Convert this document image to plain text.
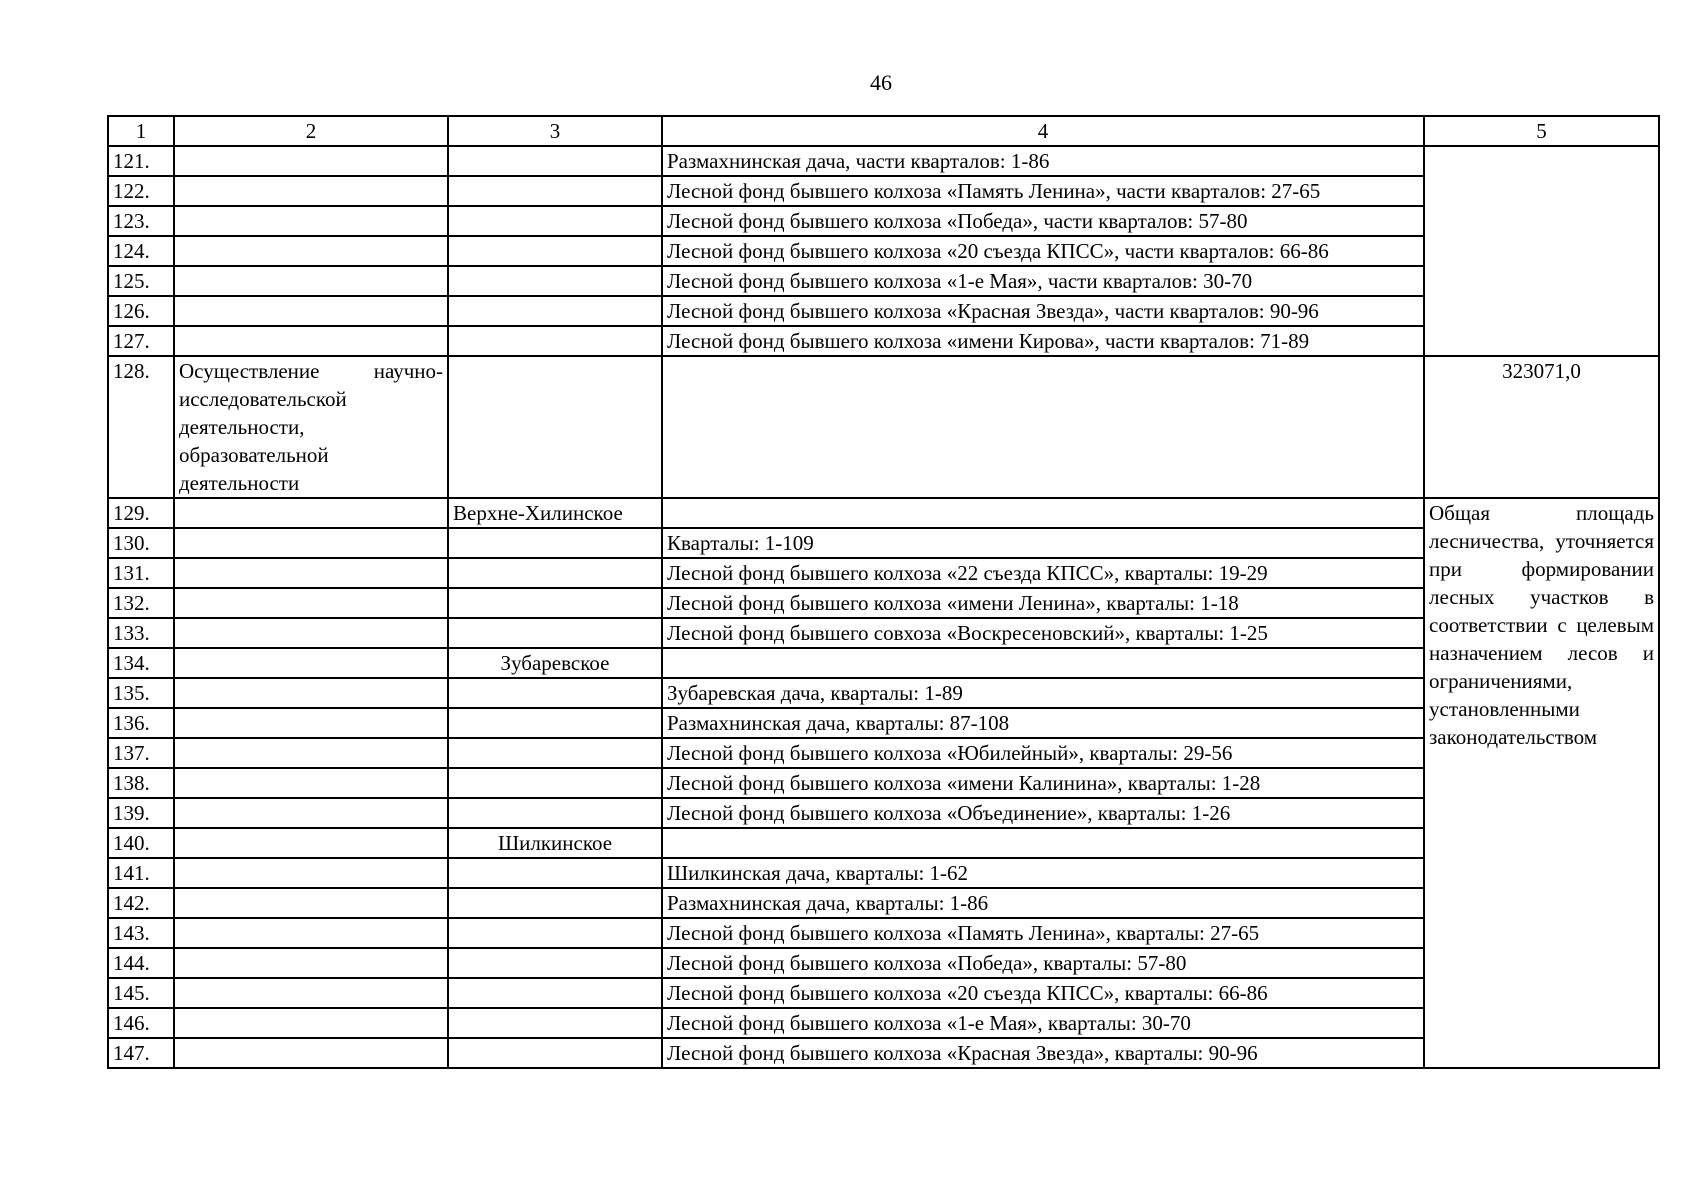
46
1	2	3	4	5
121.			Размахнинская дача, части кварталов: 1-86	
122.			Лесной фонд бывшего колхоза «Память Ленина», части кварталов: 27-65	
123.			Лесной фонд бывшего колхоза «Победа», части кварталов: 57-80	
124.			Лесной фонд бывшего колхоза «20 съезда КПСС», части кварталов: 66-86	
125.			Лесной фонд бывшего колхоза «1-е Мая», части кварталов: 30-70	
126.			Лесной фонд бывшего колхоза «Красная Звезда», части кварталов: 90-96	
127.			Лесной фонд бывшего колхоза «имени Кирова», части кварталов: 71-89	
128.	Осуществление научно-исследовательской деятельности, образовательной деятельности			323071,0
129.		Верхне-Хилинское		Общая площадь лесничества, уточняется при формировании лесных участков в соответствии с целевым назначением лесов и ограничениями, установленными законодательством
130.			Кварталы: 1-109	
131.			Лесной фонд бывшего колхоза «22 съезда КПСС», кварталы: 19-29	
132.			Лесной фонд бывшего колхоза «имени Ленина», кварталы: 1-18	
133.			Лесной фонд бывшего совхоза «Воскресеновский», кварталы: 1-25	
134.		Зубаревское		
135.			Зубаревская дача, кварталы: 1-89	
136.			Размахнинская дача, кварталы: 87-108	
137.			Лесной фонд бывшего колхоза «Юбилейный», кварталы: 29-56	
138.			Лесной фонд бывшего колхоза «имени Калинина», кварталы: 1-28	
139.			Лесной фонд бывшего колхоза «Объединение», кварталы: 1-26	
140.		Шилкинское		
141.			Шилкинская дача, кварталы: 1-62	
142.			Размахнинская дача, кварталы: 1-86	
143.			Лесной фонд бывшего колхоза «Память Ленина», кварталы: 27-65	
144.			Лесной фонд бывшего колхоза «Победа», кварталы: 57-80	
145.			Лесной фонд бывшего колхоза «20 съезда КПСС», кварталы: 66-86	
146.			Лесной фонд бывшего колхоза «1-е Мая», кварталы: 30-70	
147.			Лесной фонд бывшего колхоза «Красная Звезда», кварталы: 90-96	
